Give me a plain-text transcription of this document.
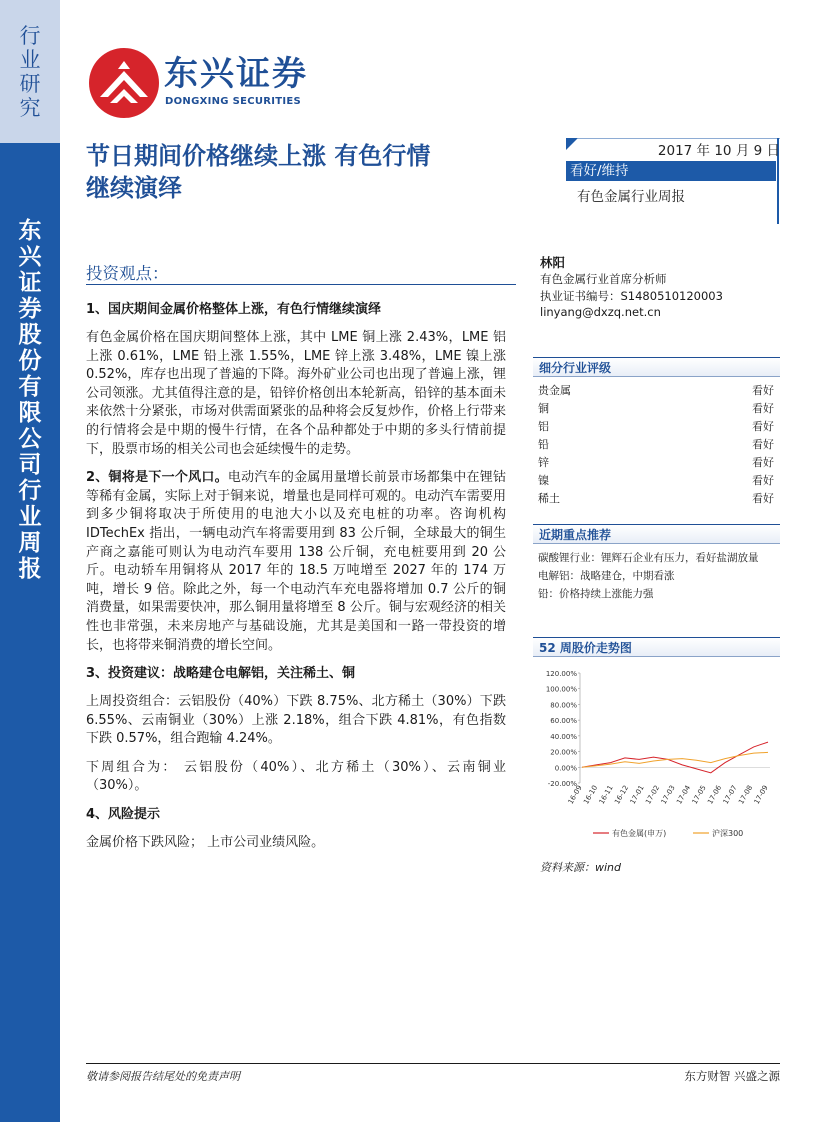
行
业
研
究
东
兴
证
券
股
份
有
限
公
司
行
业
周
报
东兴证券
DONGXING SECURITIES
节日期间价格继续上涨 有色行情
继续演绎
2017 年 10 月 9 日
看好/维持
有色金属行业周报
投资观点：
1、国庆期间金属价格整体上涨，有色行情继续演绎
有色金属价格在国庆期间整体上涨，其中 LME 铜上涨 2.43%，LME 铝上涨 0.61%，LME 铅上涨 1.55%，LME 锌上涨 3.48%，LME 镍上涨 0.52%，库存也出现了普遍的下降。海外矿业公司也出现了普遍上涨，锂公司领涨。尤其值得注意的是，铅锌价格创出本轮新高，铅锌的基本面未来依然十分紧张，市场对供需面紧张的品种将会反复炒作，价格上行带来的行情将会是中期的慢牛行情，在各个品种都处于中期的多头行情前提下，股票市场的相关公司也会延续慢牛的走势。
2、铜将是下一个风口。电动汽车的金属用量增长前景市场都集中在锂钴等稀有金属，实际上对于铜来说，增量也是同样可观的。电动汽车需要用到多少铜将取决于所使用的电池大小以及充电桩的功率。咨询机构 IDTechEx 指出，一辆电动汽车将需要用到 83 公斤铜，全球最大的铜生产商之嘉能可则认为电动汽车要用 138 公斤铜，充电桩要用到 20 公斤。电动轿车用铜将从 2017 年的 18.5 万吨增至 2027 年的 174 万吨，增长 9 倍。除此之外，每一个电动汽车充电器将增加 0.7 公斤的铜消费量，如果需要快冲，那么铜用量将增至 8 公斤。铜与宏观经济的相关性也非常强，未来房地产与基础设施，尤其是美国和一路一带投资的增长，也将带来铜消费的增长空间。
3、投资建议：战略建仓电解铝，关注稀土、铜
上周投资组合：云铝股份（40%）下跌 8.75%、北方稀土（30%）下跌 6.55%、云南铜业（30%）上涨 2.18%，组合下跌 4.81%，有色指数下跌 0.57%，组合跑输 4.24%。
下周组合为： 云铝股份（40%）、北方稀土（30%）、云南铜业（30%）。
4、风险提示
金属价格下跌风险； 上市公司业绩风险。
林阳
有色金属行业首席分析师
执业证书编号：S1480510120003
linyang@dxzq.net.cn
细分行业评级
贵金属	看好
铜	看好
铝	看好
铅	看好
锌	看好
镍	看好
稀土	看好
近期重点推荐
碳酸锂行业：锂辉石企业有压力，看好盐湖放量
电解铝：战略建仓，中期看涨
铅：价格持续上涨能力强
52 周股价走势图
120.00%
100.00%
80.00%
60.00%
40.00%
20.00%
0.00%
-20.00%
16-09
16-10
16-11
16-12
17-01
17-02
17-03
17-04
17-05
17-06
17-07
17-08
17-09
有色金属(申万)	沪深300
资料来源：wind
敬请参阅报告结尾处的免责声明	东方财智 兴盛之源
